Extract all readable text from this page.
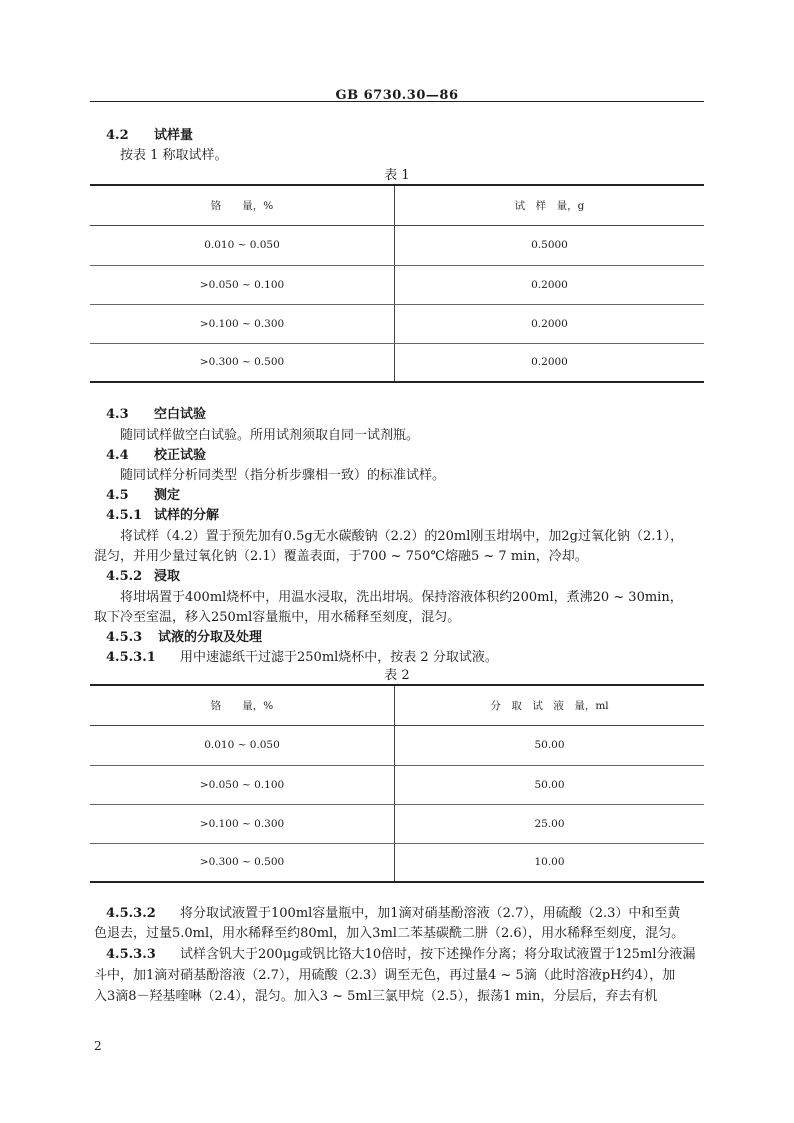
GB 6730.30—86
4.2 试样量
按表 1 称取试样。
表 1
铬　　量，%	试　样　量，g
0.010 ~ 0.050	0.5000
>0.050 ~ 0.100	0.2000
>0.100 ~ 0.300	0.2000
>0.300 ~ 0.500	0.2000
4.3 空白试验
随同试样做空白试验。所用试剂须取自同一试剂瓶。
4.4 校正试验
随同试样分析同类型（指分析步骤相一致）的标准试样。
4.5 测定
4.5.1 试样的分解
将试样（4.2）置于预先加有0.5g无水碳酸钠（2.2）的20ml刚玉坩埚中，加2g过氧化钠（2.1），
混匀，并用少量过氧化钠（2.1）覆盖表面，于700 ~ 750℃熔融5 ~ 7 min，冷却。
4.5.2 浸取
将坩埚置于400ml烧杯中，用温水浸取，洗出坩埚。保持溶液体积约200ml，煮沸20 ~ 30min，
取下冷至室温，移入250ml容量瓶中，用水稀释至刻度，混匀。
4.5.3 试液的分取及处理
4.5.3.1 用中速滤纸干过滤于250ml烧杯中，按表 2 分取试液。
表 2
铬　　量，%	分　取　试　液　量，ml
0.010 ~ 0.050	50.00
>0.050 ~ 0.100	50.00
>0.100 ~ 0.300	25.00
>0.300 ~ 0.500	10.00
4.5.3.2 将分取试液置于100ml容量瓶中，加1滴对硝基酚溶液（2.7），用硫酸（2.3）中和至黄
色退去，过量5.0ml，用水稀释至约80ml，加入3ml二苯基碳酰二肼（2.6），用水稀释至刻度，混匀。
4.5.3.3 试样含钒大于200μg或钒比铬大10倍时，按下述操作分离；将分取试液置于125ml分液漏
斗中，加1滴对硝基酚溶液（2.7），用硫酸（2.3）调至无色，再过量4 ~ 5滴（此时溶液pH约4），加
入3滴8－羟基喹啉（2.4），混匀。加入3 ~ 5ml三氯甲烷（2.5），振荡1 min，分层后，弃去有机
2
